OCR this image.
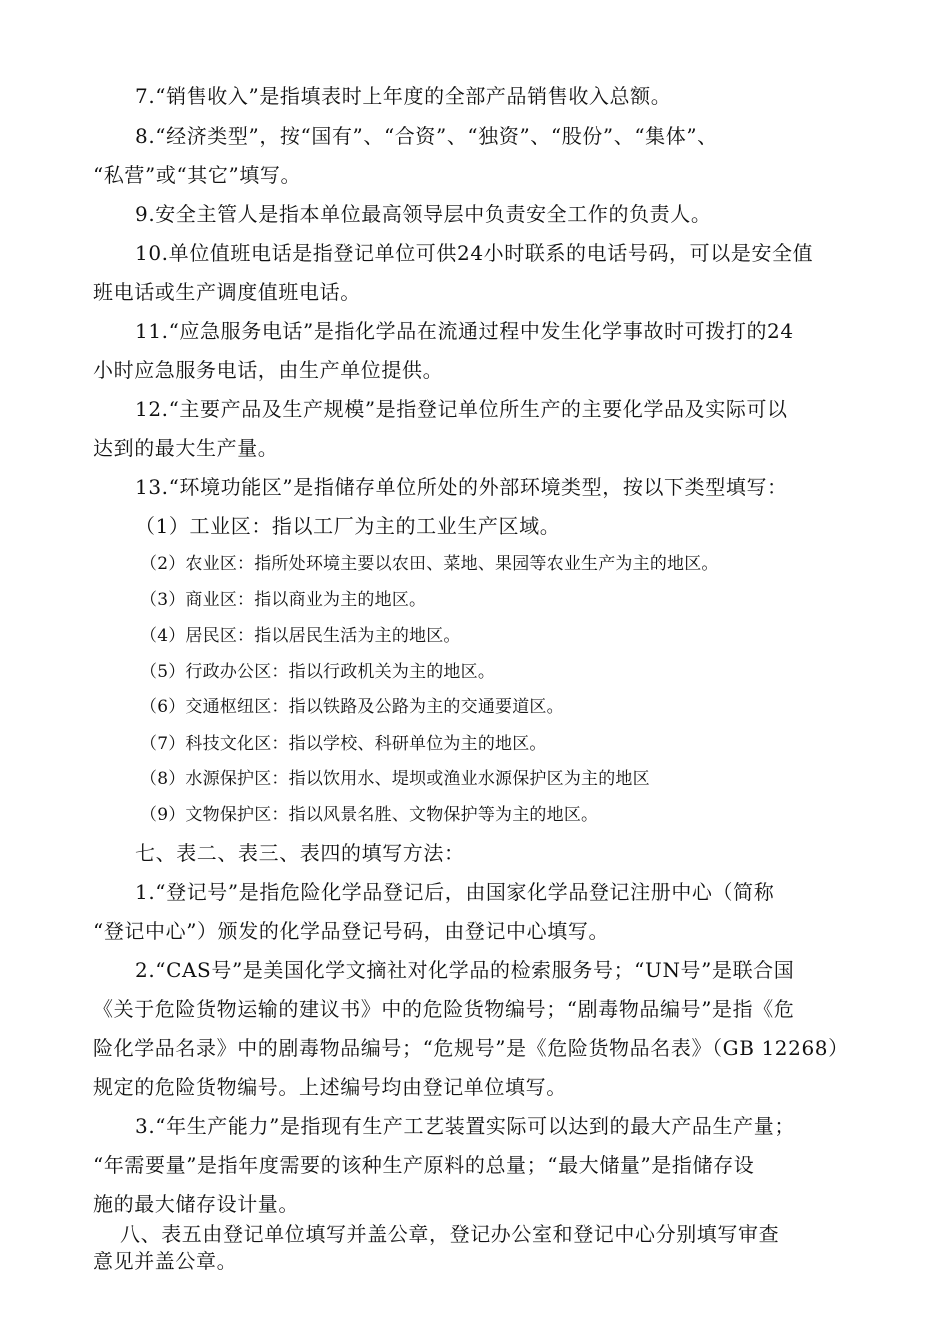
7.“销售收入”是指填表时上年度的全部产品销售收入总额。

8.“经济类型”，按“国有”、“合资”、“独资”、“股份”、“集体”、

“私营”或“其它”填写。

9.安全主管人是指本单位最高领导层中负责安全工作的负责人。

10.单位值班电话是指登记单位可供24小时联系的电话号码，可以是安全值

班电话或生产调度值班电话。

11.“应急服务电话”是指化学品在流通过程中发生化学事故时可拨打的24

小时应急服务电话，由生产单位提供。

12.“主要产品及生产规模”是指登记单位所生产的主要化学品及实际可以

达到的最大生产量。

13.“环境功能区”是指储存单位所处的外部环境类型，按以下类型填写：

（1）工业区：指以工厂为主的工业生产区域。

（2）农业区：指所处环境主要以农田、菜地、果园等农业生产为主的地区。

（3）商业区：指以商业为主的地区。

（4）居民区：指以居民生活为主的地区。

（5）行政办公区：指以行政机关为主的地区。

（6）交通枢纽区：指以铁路及公路为主的交通要道区。

（7）科技文化区：指以学校、科研单位为主的地区。

（8）水源保护区：指以饮用水、堤坝或渔业水源保护区为主的地区

（9）文物保护区：指以风景名胜、文物保护等为主的地区。

七、表二、表三、表四的填写方法：

1.“登记号”是指危险化学品登记后，由国家化学品登记注册中心（简称

“登记中心”）颁发的化学品登记号码，由登记中心填写。

2.“CAS号”是美国化学文摘社对化学品的检索服务号；“UN号”是联合国

《关于危险货物运输的建议书》中的危险货物编号；“剧毒物品编号”是指《危

险化学品名录》中的剧毒物品编号；“危规号”是《危险货物品名表》（GB 12268）

规定的危险货物编号。上述编号均由登记单位填写。

3.“年生产能力”是指现有生产工艺装置实际可以达到的最大产品生产量；

“年需要量”是指年度需要的该种生产原料的总量；“最大储量”是指储存设

施的最大储存设计量。

八、表五由登记单位填写并盖公章，登记办公室和登记中心分别填写审查

意见并盖公章。
